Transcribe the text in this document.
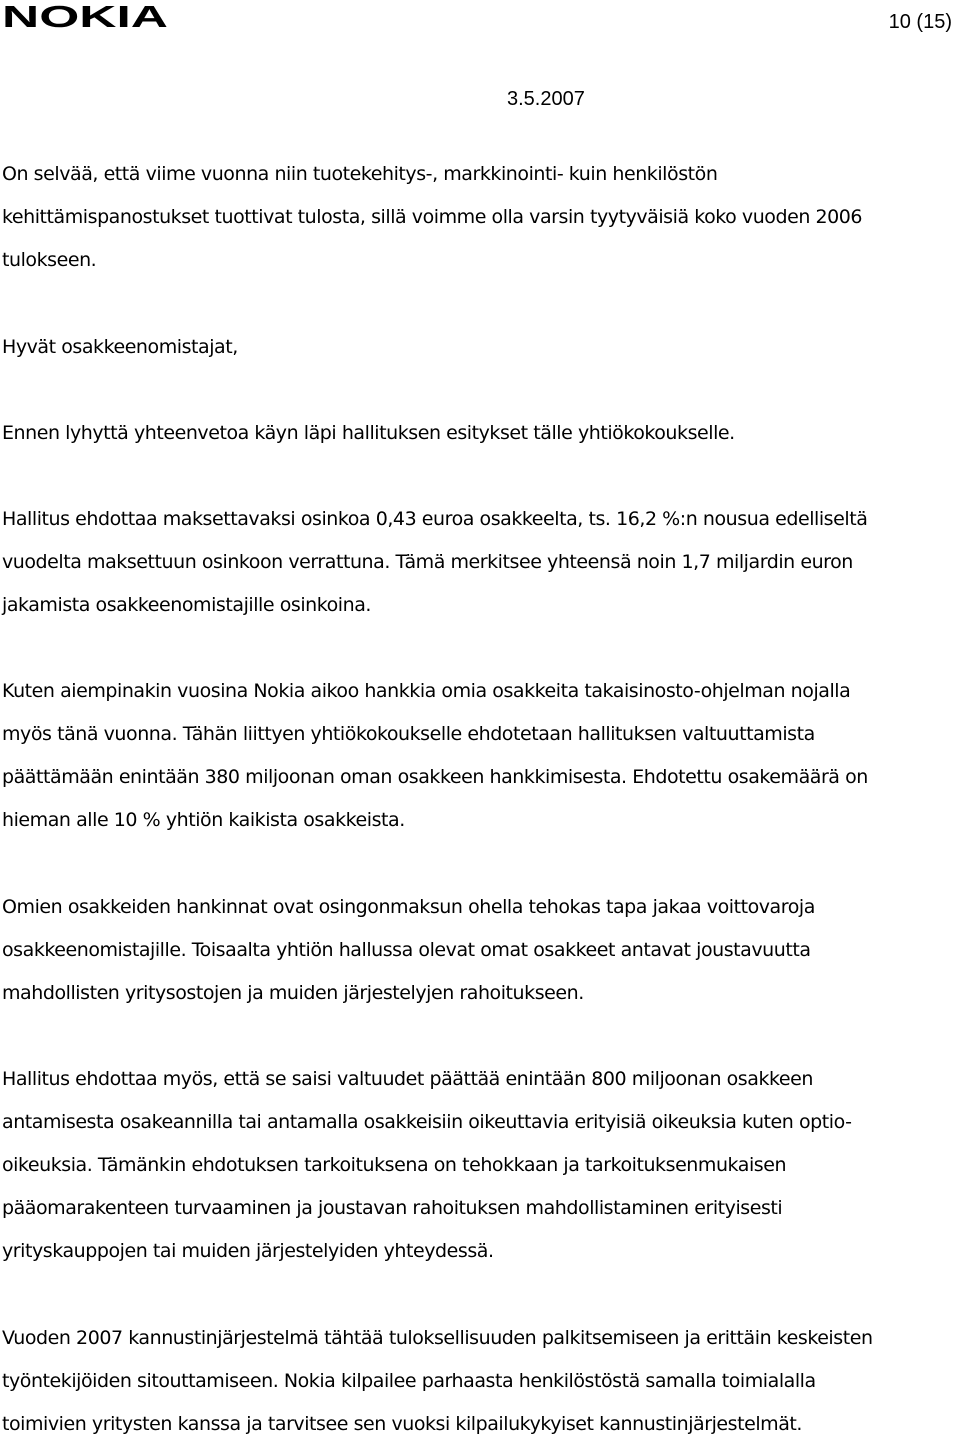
NOKIA	10 (15)
3.5.2007
On selvää, että viime vuonna niin tuotekehitys-, markkinointi- kuin henkilöstön
kehittämispanostukset tuottivat tulosta, sillä voimme olla varsin tyytyväisiä koko vuoden 2006
tulokseen.
Hyvät osakkeenomistajat,
Ennen lyhyttä yhteenvetoa käyn läpi hallituksen esitykset tälle yhtiökokoukselle.
Hallitus ehdottaa maksettavaksi osinkoa 0,43 euroa osakkeelta, ts. 16,2 %:n nousua edelliseltä
vuodelta maksettuun osinkoon verrattuna. Tämä merkitsee yhteensä noin 1,7 miljardin euron
jakamista osakkeenomistajille osinkoina.
Kuten aiempinakin vuosina Nokia aikoo hankkia omia osakkeita takaisinosto-ohjelman nojalla
myös tänä vuonna. Tähän liittyen yhtiökokoukselle ehdotetaan hallituksen valtuuttamista
päättämään enintään 380 miljoonan oman osakkeen hankkimisesta. Ehdotettu osakemäärä on
hieman alle 10 % yhtiön kaikista osakkeista.
Omien osakkeiden hankinnat ovat osingonmaksun ohella tehokas tapa jakaa voittovaroja
osakkeenomistajille. Toisaalta yhtiön hallussa olevat omat osakkeet antavat joustavuutta
mahdollisten yritysostojen ja muiden järjestelyjen rahoitukseen.
Hallitus ehdottaa myös, että se saisi valtuudet päättää enintään 800 miljoonan osakkeen
antamisesta osakeannilla tai antamalla osakkeisiin oikeuttavia erityisiä oikeuksia kuten optio-
oikeuksia. Tämänkin ehdotuksen tarkoituksena on tehokkaan ja tarkoituksenmukaisen
pääomarakenteen turvaaminen ja joustavan rahoituksen mahdollistaminen erityisesti
yrityskauppojen tai muiden järjestelyiden yhteydessä.
Vuoden 2007 kannustinjärjestelmä tähtää tuloksellisuuden palkitsemiseen ja erittäin keskeisten
työntekijöiden sitouttamiseen. Nokia kilpailee parhaasta henkilöstöstä samalla toimialalla
toimivien yritysten kanssa ja tarvitsee sen vuoksi kilpailukykyiset kannustinjärjestelmät.
